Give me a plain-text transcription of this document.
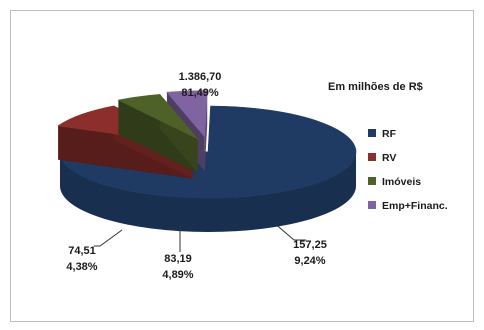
1.386,70
81,49%
157,25
9,24%
83,19
4,89%
74,51
4,38%
Em milhões de R$
RF
RV
Imóveis
Emp+Financ.
